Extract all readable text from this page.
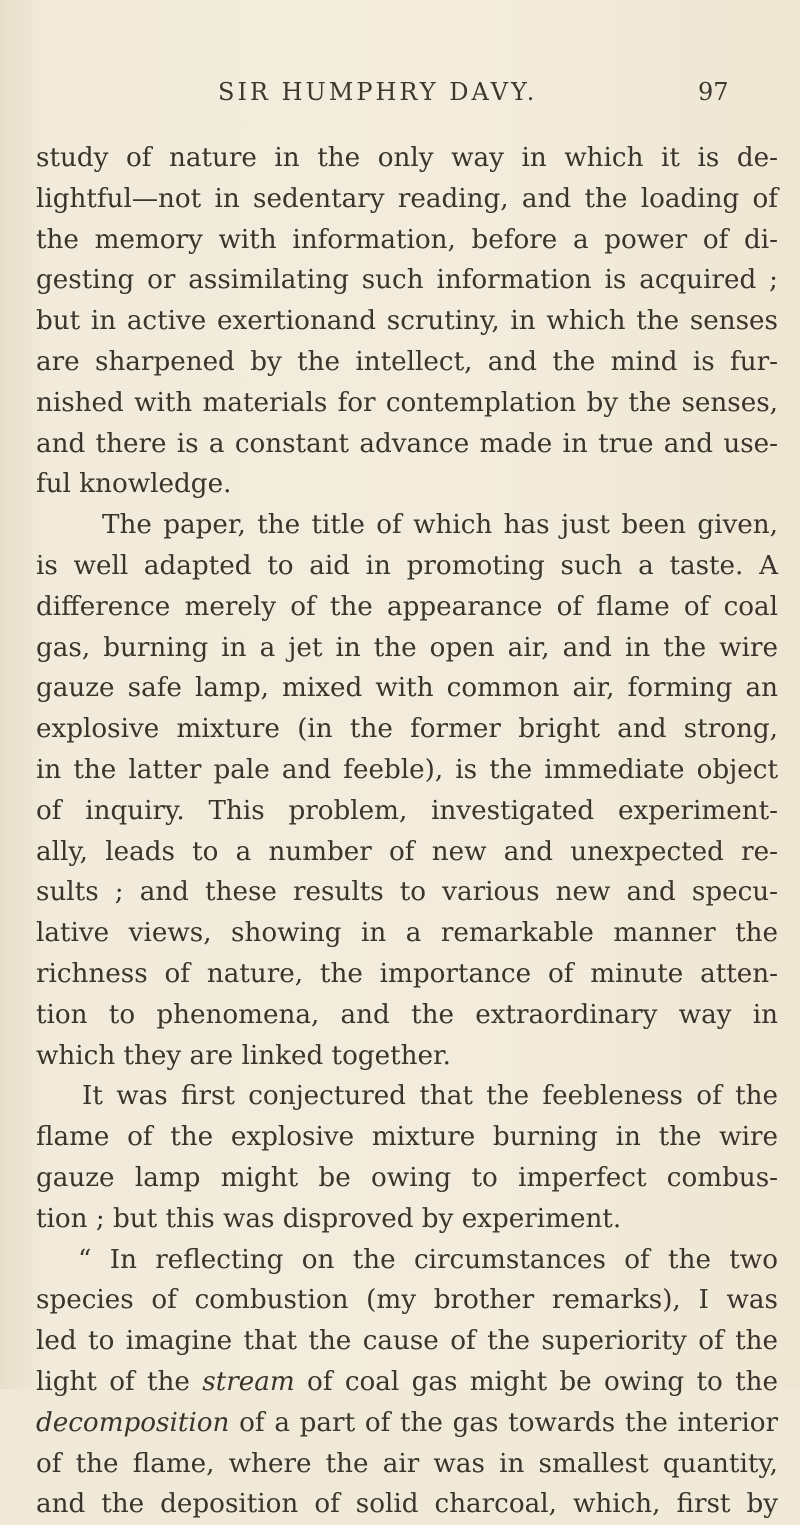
SIR HUMPHRY DAVY.	97
study of nature in the only way in which it is de-
lightful—not in sedentary reading, and the loading of
the memory with information, before a power of di-
gesting or assimilating such information is acquired ;
but in active exertionand scrutiny, in which the senses
are sharpened by the intellect, and the mind is fur-
nished with materials for contemplation by the senses,
and there is a constant advance made in true and use-
ful knowledge.
The paper, the title of which has just been given,
is well adapted to aid in promoting such a taste. A
difference merely of the appearance of flame of coal
gas, burning in a jet in the open air, and in the wire
gauze safe lamp, mixed with common air, forming an
explosive mixture (in the former bright and strong,
in the latter pale and feeble), is the immediate object
of inquiry. This problem, investigated experiment-
ally, leads to a number of new and unexpected re-
sults ; and these results to various new and specu-
lative views, showing in a remarkable manner the
richness of nature, the importance of minute atten-
tion to phenomena, and the extraordinary way in
which they are linked together.
It was first conjectured that the feebleness of the
flame of the explosive mixture burning in the wire
gauze lamp might be owing to imperfect combus-
tion ; but this was disproved by experiment.
“ In reflecting on the circumstances of the two
species of combustion (my brother remarks), I was
led to imagine that the cause of the superiority of the
light of the stream of coal gas might be owing to the
decomposition of a part of the gas towards the interior
of the flame, where the air was in smallest quantity,
and the deposition of solid charcoal, which, first by
